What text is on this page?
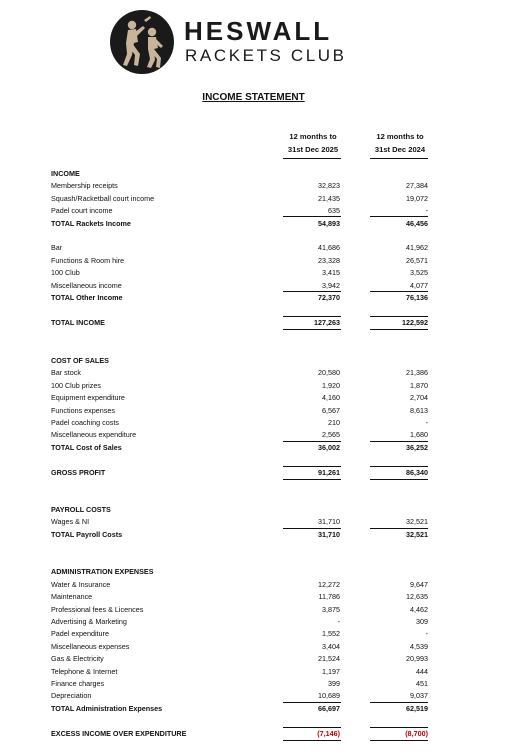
HESWALL
RACKETS CLUB
INCOME STATEMENT
12 months to
31st Dec 2025
12 months to
31st Dec 2024
INCOME
Membership receipts	32,823	27,384
Squash/Racketball court income	21,435	19,072
Padel court income	635	-
TOTAL Rackets Income	54,893	46,456
Bar	41,686	41,962
Functions & Room hire	23,328	26,571
100 Club	3,415	3,525
Miscellaneous income	3,942	4,077
TOTAL Other Income	72,370	76,136
TOTAL INCOME	127,263	122,592
COST OF SALES
Bar stock	20,580	21,386
100 Club prizes	1,920	1,870
Equipment expenditure	4,160	2,704
Functions expenses	6,567	8,613
Padel coaching costs	210	-
Miscellaneous expenditure	2,565	1,680
TOTAL Cost of Sales	36,002	36,252
GROSS PROFIT	91,261	86,340
PAYROLL COSTS
Wages & NI	31,710	32,521
TOTAL Payroll Costs	31,710	32,521
ADMINISTRATION EXPENSES
Water & Insurance	12,272	9,647
Maintenance	11,786	12,635
Professional fees & Licences	3,875	4,462
Advertising & Marketing	-	309
Padel expenditure	1,552	-
Miscellaneous expenses	3,404	4,539
Gas & Electricity	21,524	20,993
Telephone & Internet	1,197	444
Finance charges	399	451
Depreciation	10,689	9,037
TOTAL Administration Expenses	66,697	62,519
EXCESS INCOME OVER EXPENDITURE	(7,146)	(8,700)
